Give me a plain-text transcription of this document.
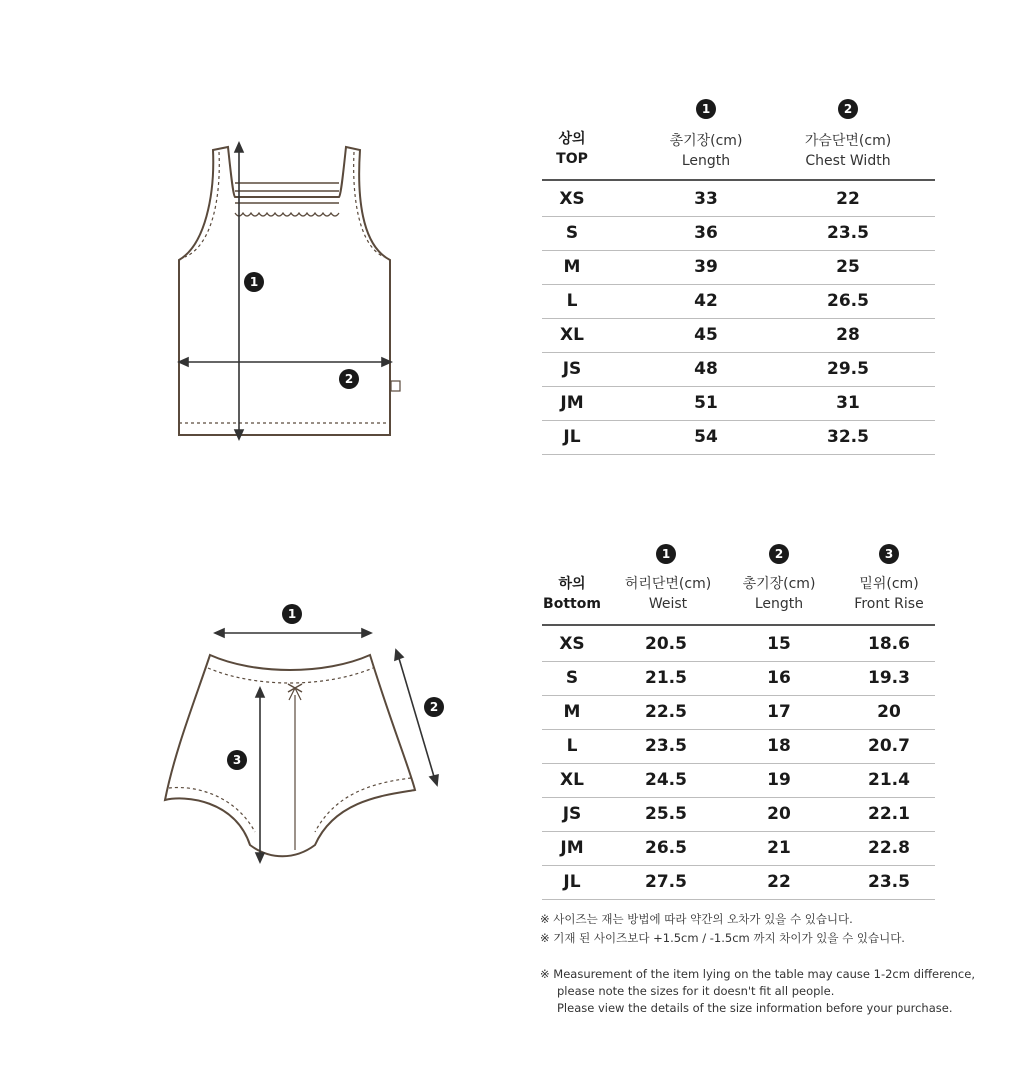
1
2
상의
TOP
1
총기장(cm)
Length
2
가슴단면(cm)
Chest Width
XS	33	22
S	36	23.5
M	39	25
L	42	26.5
XL	45	28
JS	48	29.5
JM	51	31
JL	54	32.5
1
2
3
하의
Bottom
1
허리단면(cm)
Weist
2
총기장(cm)
Length
3
밑위(cm)
Front Rise
XS	20.5	15	18.6
S	21.5	16	19.3
M	22.5	17	20
L	23.5	18	20.7
XL	24.5	19	21.4
JS	25.5	20	22.1
JM	26.5	21	22.8
JL	27.5	22	23.5

※ 사이즈는 재는 방법에 따라 약간의 오차가 있을 수 있습니다.

※ 기재 된 사이즈보다 +1.5cm / -1.5cm 까지 차이가 있을 수 있습니다.

※ Measurement of the item lying on the table may cause 1-2cm difference,

please note the sizes for it doesn't fit all people.

Please view the details of the size information before your purchase.
